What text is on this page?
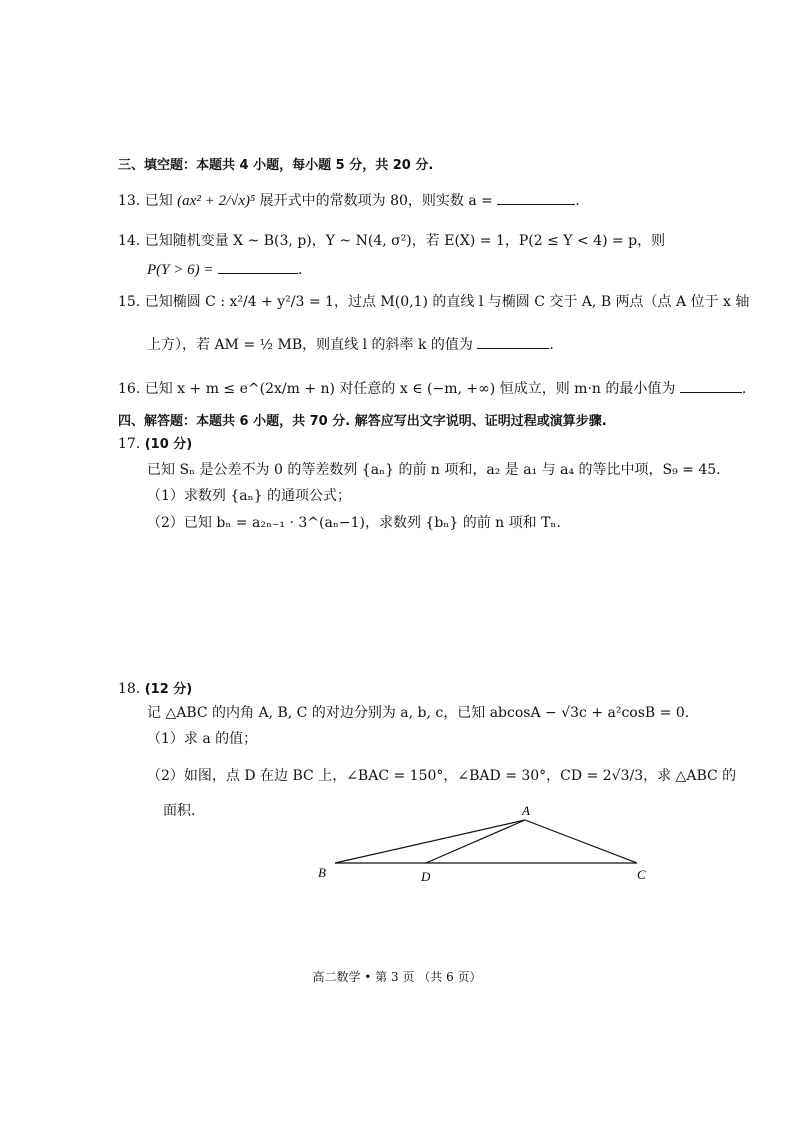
三、填空题：本题共 4 小题，每小题 5 分，共 20 分.
13. 已知 (ax² + 2/√x)⁵ 展开式中的常数项为 80，则实数 a =	.
14. 已知随机变量 X ~ B(3, p)，Y ~ N(4, σ²)，若 E(X) = 1，P(2 ≤ Y < 4) = p，则
P(Y > 6) =	.
15. 已知椭圆 C : x²/4 + y²/3 = 1，过点 M(0,1) 的直线 l 与椭圆 C 交于 A, B 两点（点 A 位于 x 轴
上方），若 AM = ½ MB，则直线 l 的斜率 k 的值为	.
16. 已知 x + m ≤ e^(2x/m + n) 对任意的 x ∈ (−m, +∞) 恒成立，则 m·n 的最小值为	.
四、解答题：本题共 6 小题，共 70 分. 解答应写出文字说明、证明过程或演算步骤.
17. (10 分)
已知 Sₙ 是公差不为 0 的等差数列 {aₙ} 的前 n 项和，a₂ 是 a₁ 与 a₄ 的等比中项，S₉ = 45.
（1）求数列 {aₙ} 的通项公式；
（2）已知 bₙ = a₂ₙ₋₁ · 3^(aₙ−1)，求数列 {bₙ} 的前 n 项和 Tₙ.
18. (12 分)
记 △ABC 的内角 A, B, C 的对边分别为 a, b, c，已知 abcosA − √3c + a²cosB = 0.
（1）求 a 的值；
（2）如图，点 D 在边 BC 上，∠BAC = 150°，∠BAD = 30°，CD = 2√3/3，求 △ABC 的
面积.	A
B	D	C
高二数学 • 第 3 页 （共 6 页）
